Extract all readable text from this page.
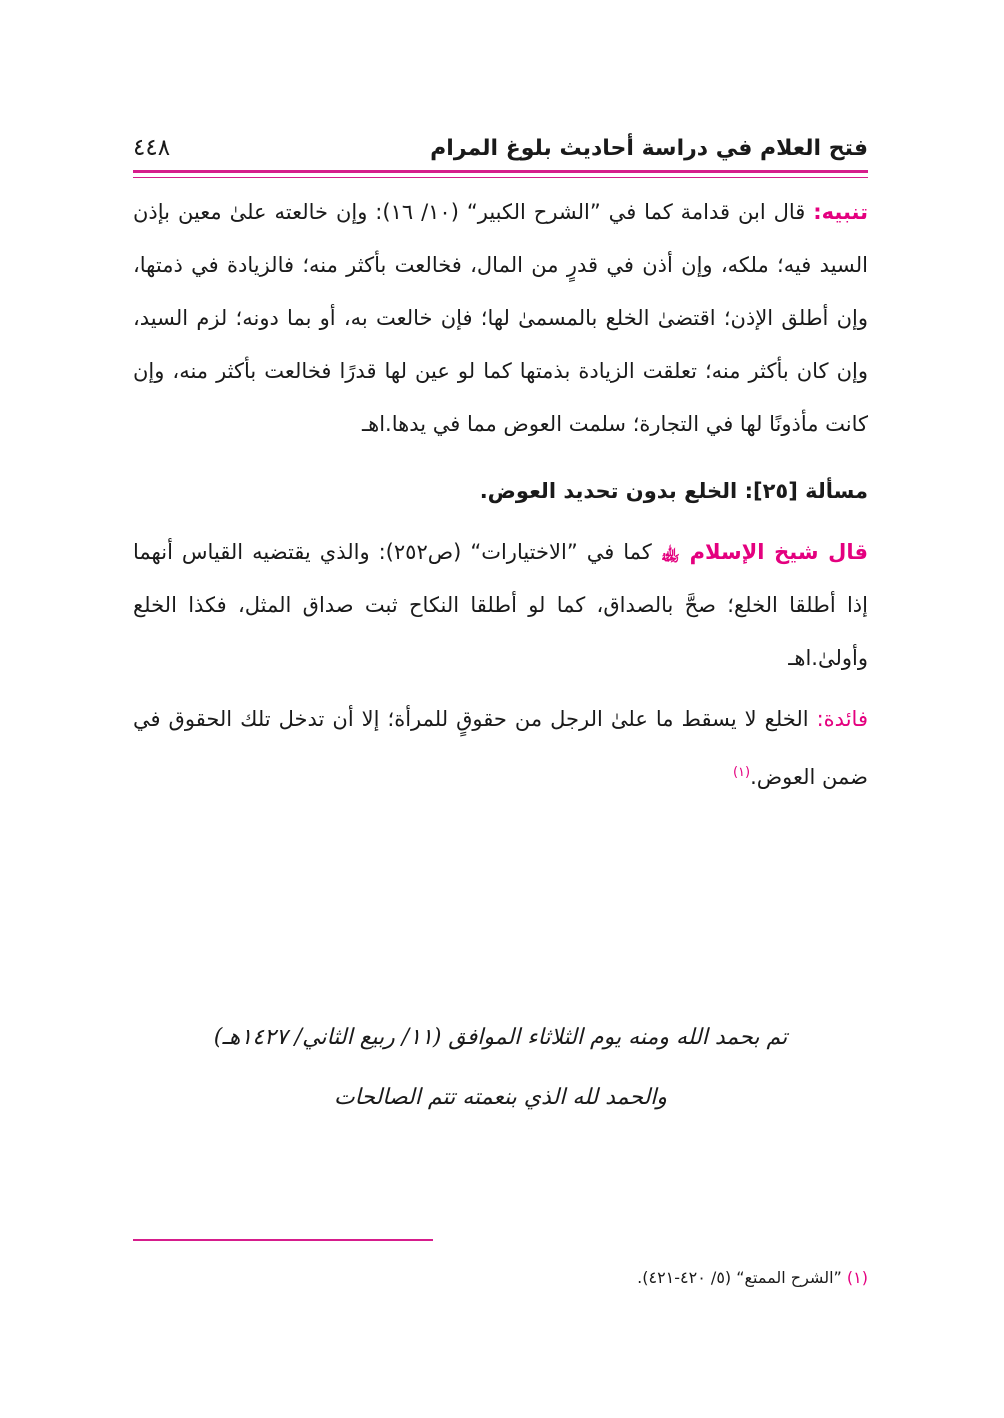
فتح العلام في دراسة أحاديث بلوغ المرام
٤٤٨

تنبيه: قال ابن قدامة كما في ”الشرح الكبير“ (١٠/ ١٦): وإن خالعته علىٰ معين بإذن السيد فيه؛ ملكه، وإن أذن في قدرٍ من المال، فخالعت بأكثر منه؛ فالزيادة في ذمتها، وإن أطلق الإذن؛ اقتضىٰ الخلع بالمسمىٰ لها؛ فإن خالعت به، أو بما دونه؛ لزم السيد، وإن كان بأكثر منه؛ تعلقت الزيادة بذمتها كما لو عين لها قدرًا فخالعت بأكثر منه، وإن كانت مأذونًا لها في التجارة؛ سلمت العوض مما في يدها.اهـ

مسألة [٢٥]: الخلع بدون تحديد العوض.

قال شيخ الإسلام ﵀ كما في ”الاختيارات“ (ص٢٥٢): والذي يقتضيه القياس أنهما إذا أطلقا الخلع؛ صحَّ بالصداق، كما لو أطلقا النكاح ثبت صداق المثل، فكذا الخلع وأولىٰ.اهـ

فائدة: الخلع لا يسقط ما علىٰ الرجل من حقوقٍ للمرأة؛ إلا أن تدخل تلك الحقوق في ضمن العوض.$^{(١)}$

تم بحمد الله ومنه يوم الثلاثاء الموافق (١١/ ربيع الثاني/ ١٤٢٧هـ)
والحمد لله الذي بنعمته تتم الصالحات
(١) ”الشرح الممتع“ (٥/ ٤٢٠-٤٢١).
